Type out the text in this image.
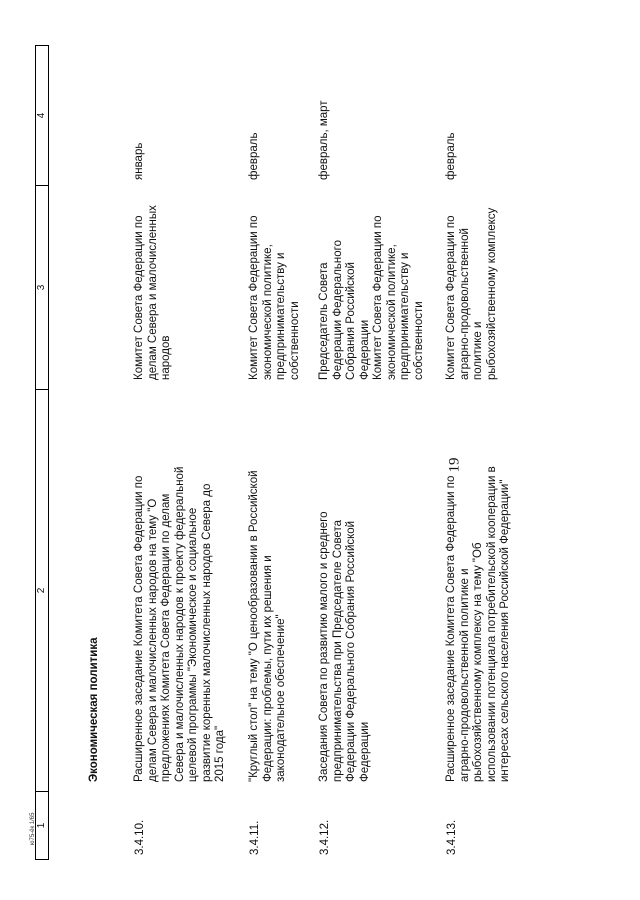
19
1
2
3
4
Экономическая политика
3.4.10.
Расширенное заседание Комитета Совета Федерации по делам Севера и малочисленных народов на тему "О предложениях Комитета Совета Федерации по делам Севера и малочисленных народов к проекту федеральной целевой программы "Экономическое и социальное развитие коренных малочисленных народов Севера до 2015 года"
Комитет Совета Федерации по делам Севера и малочисленных народов
январь
3.4.11.
"Круглый стол" на тему "О ценообразовании в Российской Федерации: проблемы, пути их решения и законодательное обеспечение"
Комитет Совета Федерации по экономической политике, предпринимательству и собственности
февраль
3.4.12.
Заседания Совета по развитию малого и среднего предпринимательства при Председателе Совета Федерации Федерального Собрания Российской Федерации
Председатель Совета Федерации Федерального Собрания Российской Федерации Комитет Совета Федерации по экономической политике, предпринимательству и собственности
февраль, март
3.4.13.
Расширенное заседание Комитета Совета Федерации по аграрно-продовольственной политике и рыбохозяйственному комплексу на тему "Об использовании потенциала потребительской кооперации в интересах сельского населения Российской Федерации"
Комитет Совета Федерации по аграрно-продовольственной политике и рыбохозяйственному комплексу
февраль
ю75-ёк 1/65
